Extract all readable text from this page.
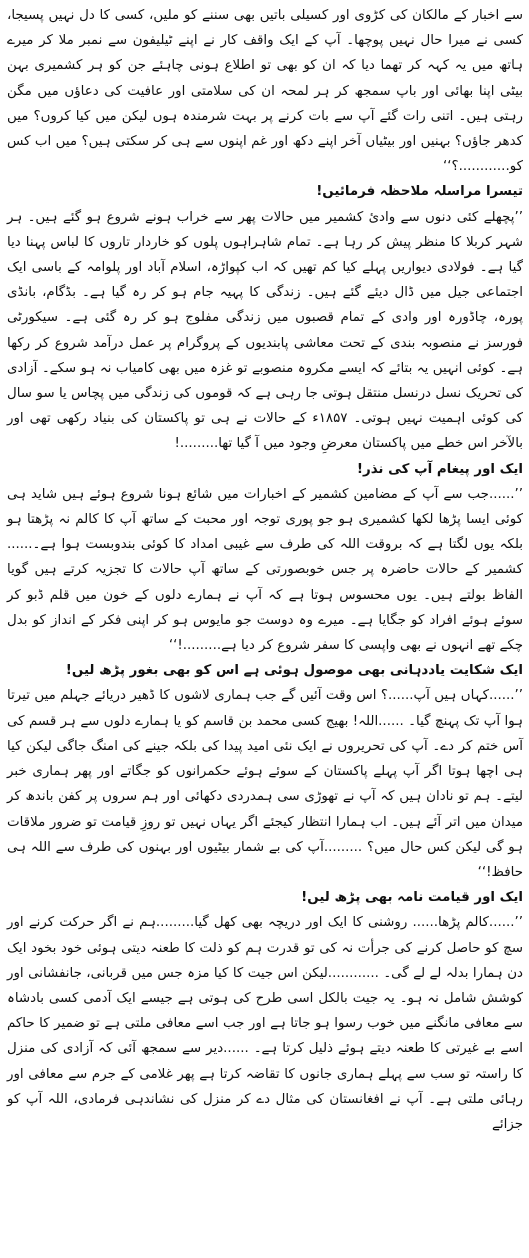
سے اخبار کے مالکان کی کڑوی اور کسیلی باتیں بھی سننے کو ملیں، کسی کا دل نہیں پسیجا، کسی نے میرا حال نہیں پوچھا۔ آپ کے ایک واقف کار نے اپنے ٹیلیفون سے نمبر ملا کر میرے ہاتھ میں یہ کہہ کر تھما دیا کہ ان کو بھی تو اطلاع ہونی چاہئے جن کو ہر کشمیری بہن بیٹی اپنا بھائی اور باپ سمجھ کر ہر لمحہ ان کی سلامتی اور عافیت کی دعاؤں میں مگن رہتی ہیں۔ اتنی رات گئے آپ سے بات کرنے پر بہت شرمندہ ہوں لیکن میں کیا کروں؟ میں کدھر جاؤں؟ بہنیں اور بیٹیاں آخر اپنے دکھ اور غم اپنوں سے ہی کر سکتی ہیں؟ میں اب کس کو............؟‘‘

تیسرا مراسلہ ملاحظہ فرمائیں!

’’پچھلے کئی دنوں سے وادیٔ کشمیر میں حالات پھر سے خراب ہونے شروع ہو گئے ہیں۔ ہر شہر کربلا کا منظر پیش کر رہا ہے۔ تمام شاہراہوں پلوں کو خاردار تاروں کا لباس پہنا دیا گیا ہے۔ فولادی دیواریں پہلے کیا کم تھیں کہ اب کپواڑہ، اسلام آباد اور پلوامہ کے باسی ایک اجتماعی جیل میں ڈال دیئے گئے ہیں۔ زندگی کا پہیہ جام ہو کر رہ گیا ہے۔ بڈگام، بانڈی پورہ، چاڈورہ اور وادی کے تمام قصبوں میں زندگی مفلوج ہو کر رہ گئی ہے۔ سیکورٹی فورسز نے منصوبہ بندی کے تحت معاشی پابندیوں کے پروگرام پر عمل درآمد شروع کر رکھا ہے۔ کوئی انہیں یہ بتائے کہ ایسے مکروہ منصوبے تو غزہ میں بھی کامیاب نہ ہو سکے۔ آزادی کی تحریک نسل درنسل منتقل ہوتی جا رہی ہے کہ قوموں کی زندگی میں پچاس یا سو سال کی کوئی اہمیت نہیں ہوتی۔ ۱۸۵۷ء کے حالات نے ہی تو پاکستان کی بنیاد رکھی تھی اور بالآخر اس خطے میں پاکستان معرضِ وجود میں آ گیا تھا.........!

ایک اور پیغام آپ کی نذر!

’’......جب سے آپ کے مضامین کشمیر کے اخبارات میں شائع ہونا شروع ہوئے ہیں شاید ہی کوئی ایسا پڑھا لکھا کشمیری ہو جو پوری توجہ اور محبت کے ساتھ آپ کا کالم نہ پڑھتا ہو بلکہ یوں لگتا ہے کہ بروقت اللہ کی طرف سے غیبی امداد کا کوئی بندوبست ہوا ہے۔...... کشمیر کے حالات حاضرہ پر جس خوبصورتی کے ساتھ آپ حالات کا تجزیہ کرتے ہیں گویا الفاظ بولتے ہیں۔ یوں محسوس ہوتا ہے کہ آپ نے ہمارے دلوں کے خون میں قلم ڈبو کر سوئے ہوئے افراد کو جگایا ہے۔ میرے وہ دوست جو مایوس ہو کر اپنی فکر کے انداز کو بدل چکے تھے انہوں نے بھی واپسی کا سفر شروع کر دیا ہے.........!‘‘

ایک شکایت یاددہانی بھی موصول ہوئی ہے اس کو بھی بغور پڑھ لیں!

’’......کہاں ہیں آپ......؟ اس وقت آئیں گے جب ہماری لاشوں کا ڈھیر دریائے جہلم میں تیرتا ہوا آپ تک پہنچ گیا۔ ......اللہ! بھیج کسی محمد بن قاسم کو یا ہمارے دلوں سے ہر قسم کی آس ختم کر دے۔ آپ کی تحریروں نے ایک نئی امید پیدا کی بلکہ جینے کی امنگ جاگی لیکن کیا ہی اچھا ہوتا اگر آپ پہلے پاکستان کے سوئے ہوئے حکمرانوں کو جگاتے اور پھر ہماری خبر لیتے۔ ہم تو نادان ہیں کہ آپ نے تھوڑی سی ہمدردی دکھائی اور ہم سروں پر کفن باندھ کر میدان میں اتر آئے ہیں۔ اب ہمارا انتظار کیجئے اگر یہاں نہیں تو روزِ قیامت تو ضرور ملاقات ہو گی لیکن کس حال میں؟ .........آپ کی بے شمار بیٹیوں اور بہنوں کی طرف سے اللہ ہی حافظ!‘‘

ایک اور قیامت نامہ بھی پڑھ لیں!

’’......کالم پڑھا...... روشنی کا ایک اور دریچہ بھی کھل گیا.........ہم نے اگر حرکت کرنے اور سچ کو حاصل کرنے کی جرأت نہ کی تو قدرت ہم کو ذلت کا طعنہ دیتی ہوئی خود بخود ایک دن ہمارا بدلہ لے لے گی۔ ............لیکن اس جیت کا کیا مزہ جس میں قربانی، جانفشانی اور کوشش شامل نہ ہو۔ یہ جیت بالکل اسی طرح کی ہوتی ہے جیسے ایک آدمی کسی بادشاہ سے معافی مانگنے میں خوب رسوا ہو جاتا ہے اور جب اسے معافی ملتی ہے تو ضمیر کا حاکم اسے بے غیرتی کا طعنہ دیتے ہوئے ذلیل کرتا ہے۔ ......دیر سے سمجھ آئی کہ آزادی کی منزل کا راستہ تو سب سے پہلے ہماری جانوں کا تقاضہ کرتا ہے پھر غلامی کے جرم سے معافی اور رہائی ملتی ہے۔ آپ نے افغانستان کی مثال دے کر منزل کی نشاندہی فرمادی، اللہ آپ کو جزائے
